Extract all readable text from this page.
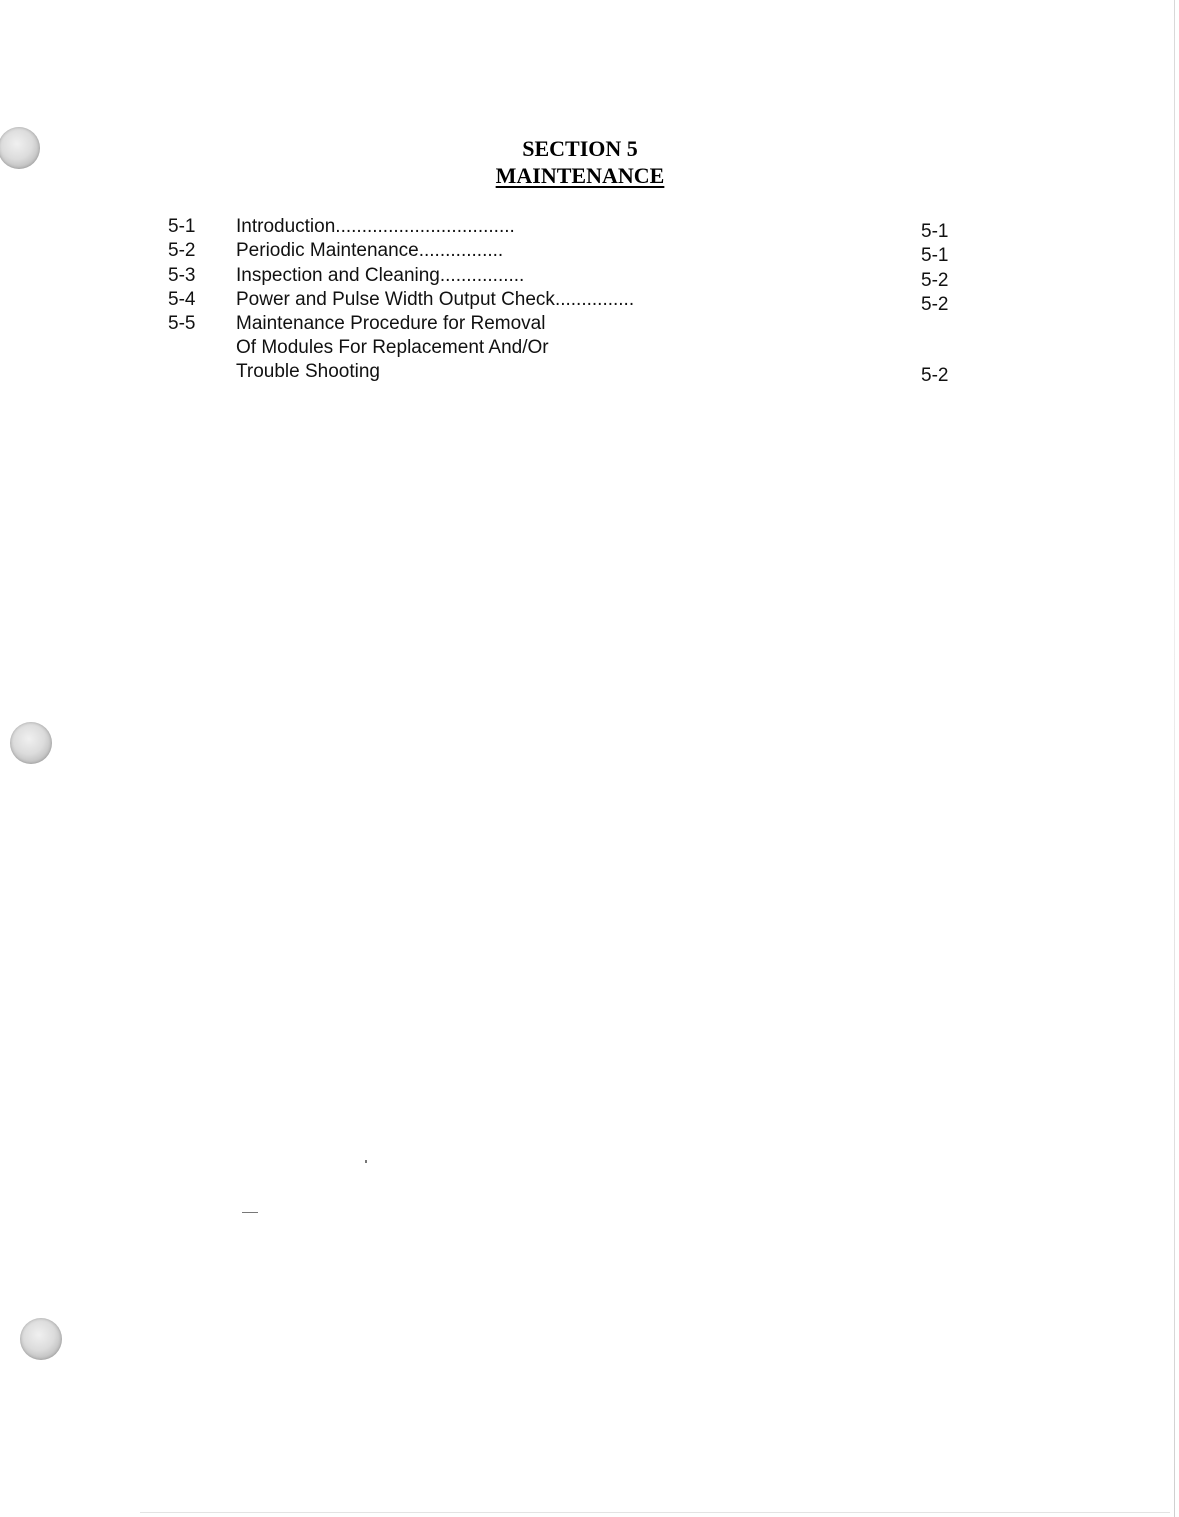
SECTION 5
MAINTENANCE
5-1 Introduction..................................	5-1
5-2 Periodic Maintenance................	5-1
5-3 Inspection and Cleaning................	5-2
5-4 Power and Pulse Width Output Check...............	5-2
5-5 Maintenance Procedure for Removal
Of Modules For Replacement And/Or
Trouble Shooting	5-2
